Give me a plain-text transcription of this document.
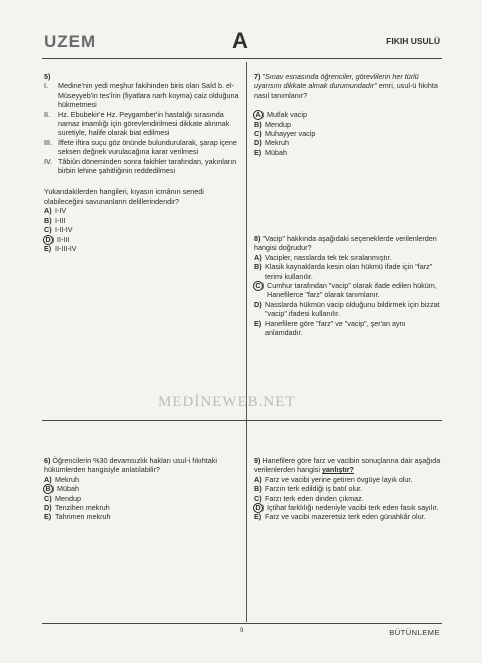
UZEM	A	FIKIH USULÜ

5)

I. Medine'nin yedi meşhur fakihinden biris olan Saîd b. el-Müseyyeb'in tes'îrin (fiyatlara narh koyma) caiz olduğuna hükmetmesi
II. Hz. Ebubekir'e Hz. Peygamber'in hastalığı sırasında namaz imamlığı için görevlendirilmesi dikkate alınmak suretiyle, halife olarak biat edilmesi
III. İffete iftira suçu göz önünde bulundurularak, şarap içene seksen değnek vurulacağına karar verilmesi
IV. Tâbiûn döneminden sonra fakihler tarafından, yakınların birbiri lehine şahitliğinin reddedilmesi

Yukarıdakilerden hangileri, kıyasın icmânın senedi olabileceğini savunanların delillerindendir?

A) I-IV
B) I-III
C) I-II-IV
D ) II-III
E) II-III-IV

7) "Sınav esnasında öğrenciler, görevlilerin her türlü uyarısını dikkate almak durumundadır" emri, usul-ü fıkıhta nasıl tanımlanır?

A ) Mutlak vacip
B) Mendup
C) Muhayyer vacip
D) Mekruh
E) Mübah

8) "Vacip" hakkında aşağıdaki seçeneklerde verilenlerden hangisi doğrudur?

A) Vacipler, nasslarda tek tek sıralanmıştır.
B) Klasik kaynaklarda kesin olan hükmü ifade için "farz" terimi kullanılır.
C ) Cumhur tarafından "vacip" olarak ifade edilen hüküm, Hanefilerce "farz" olarak tanımlanır.
D) Nasslarda hükmün vacip olduğunu bildirmek için bizzat "vacip" ifadesi kullanılır.
E) Hanefilere göre "farz" ve "vacip", şer'an aynı anlamdadır.
MEDİNEWEB.NET

6) Öğrencilerin %30 devamsızlık hakları usul-i fıkıhtaki hükümlerden hangisiyle anlatılabilir?

A) Mekruh
B ) Mübah
C) Mendup
D) Tenzihen mekruh
E) Tahrimen mekruh

9) Hanefilere göre farz ve vacibin sonuçlarına dair aşağıda verilenlerden hangisi yanlıştır?

A) Farz ve vacibi yerine getiren övgüye layık olur.
B) Farzın terk edildiği iş batıl olur.
C) Farzı terk eden dinden çıkmaz.
D ) İçtihat farklılığı nedeniyle vacibi terk eden fasık sayılır.
E) Farz ve vacibi mazeretsiz terk eden günahkâr olur.
9	BÜTÜNLEME
